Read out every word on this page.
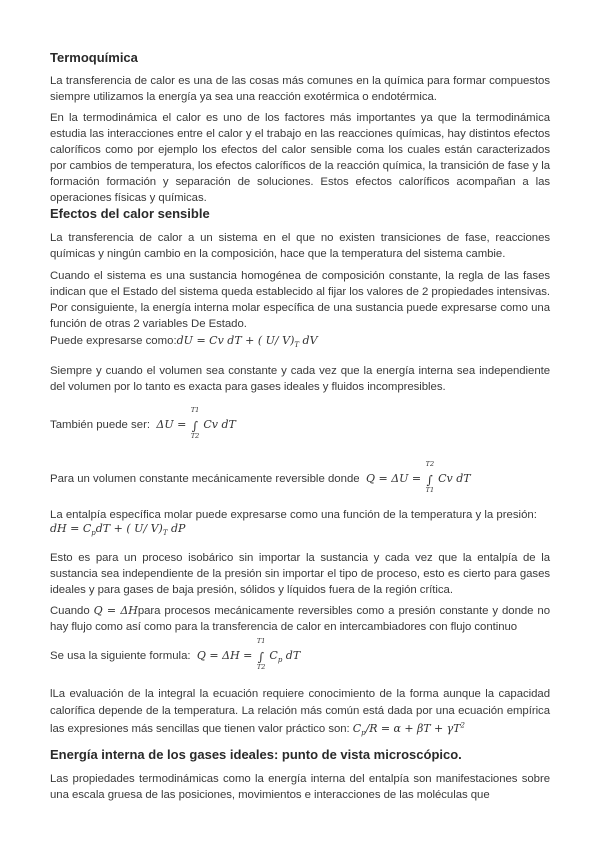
Termoquímica
La transferencia de calor es una de las cosas más comunes en la química para formar compuestos siempre utilizamos la energía ya sea una reacción exotérmica o endotérmica.
En la termodinámica el calor es uno de los factores más importantes ya que la termodinámica estudia las interacciones entre el calor y el trabajo en las reacciones químicas, hay distintos efectos caloríficos como por ejemplo los efectos del calor sensible coma los cuales están caracterizados por cambios de temperatura, los efectos caloríficos de la reacción química, la transición de fase y la formación formación y separación de soluciones. Estos efectos caloríficos acompañan a las operaciones físicas y químicas.
Efectos del calor sensible
La transferencia de calor a un sistema en el que no existen transiciones de fase, reacciones químicas y ningún cambio en la composición, hace que la temperatura del sistema cambie.
Cuando el sistema es una sustancia homogénea de composición constante, la regla de las fases indican que el Estado del sistema queda establecido al fijar los valores de 2 propiedades intensivas. Por consiguiente, la energía interna molar específica de una sustancia puede expresarse como una función de otras 2 variables De Estado.
Puede expresarse como:dU = Cv dT + ( U/ $V)_T$ dV
Siempre y cuando el volumen sea constante y cada vez que la energía interna sea independiente del volumen por lo tanto es exacta para gases ideales y fluidos incompresibles.
También puede ser: ΔU = ∫
T1
T2
Cv dT
Para un volumen constante mecánicamente reversible donde Q = ΔU = ∫
T2
T1
Cv dT
La entalpía específica molar puede expresarse como una función de la temperatura y la presión:
dH = $C_pdT$ + ( U/ $V)_T$ dP
Esto es para un proceso isobárico sin importar la sustancia y cada vez que la entalpía de la sustancia sea independiente de la presión sin importar el tipo de proceso, esto es cierto para gases ideales y para gases de baja presión, sólidos y líquidos fuera de la región crítica.
Cuando Q = ΔHpara procesos mecánicamente reversibles como a presión constante y donde no hay flujo como así como para la transferencia de calor en intercambiadores con flujo continuo
Se usa la siguiente formula: Q = ΔH = ∫
T1
T2
$C_p$ dT
lLa evaluación de la integral la ecuación requiere conocimiento de la forma aunque la capacidad calorífica depende de la temperatura. La relación más común está dada por una ecuación empírica las expresiones más sencillas que tienen valor práctico son: $C_p/R = \alpha + \beta T + \gamma T^2$
Energía interna de los gases ideales: punto de vista microscópico.
Las propiedades termodinámicas como la energía interna del entalpía son manifestaciones sobre una escala gruesa de las posiciones, movimientos e interacciones de las moléculas que
